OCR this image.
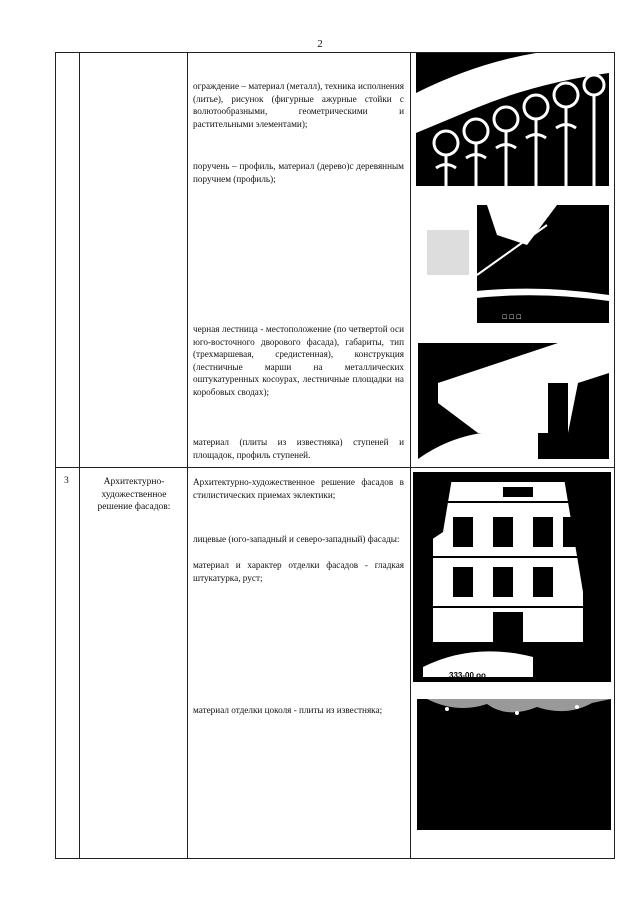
2

ограждение – материал (металл), техника исполнения (литье), рисунок (фигурные ажурные стойки с волютообразными, геометрическими и растительными элементами);

поручень – профиль, материал (дерево)с деревянным поручнем (профиль);

черная лестница - местоположение (по четвертой оси юго-восточного дворового фасада), габариты, тип (трехмаршевая, средистенная), конструкция (лестничные марши на металлических оштукатуренных косоурах, лестничные площадки на коробовых сводах);

материал (плиты из известняка) ступеней и площадок, профиль ступеней.

3	Архитектурно-художественное решение фасадов:

Архитектурно-художественное решение фасадов в стилистических приемах эклектики;

лицевые (юго-западный и северо-западный) фасады:

материал и характер отделки фасадов - гладкая штукатурка, руст;

материал отделки цоколя - плиты из известняка;

☐ ☐ ☐
333-00 оо
